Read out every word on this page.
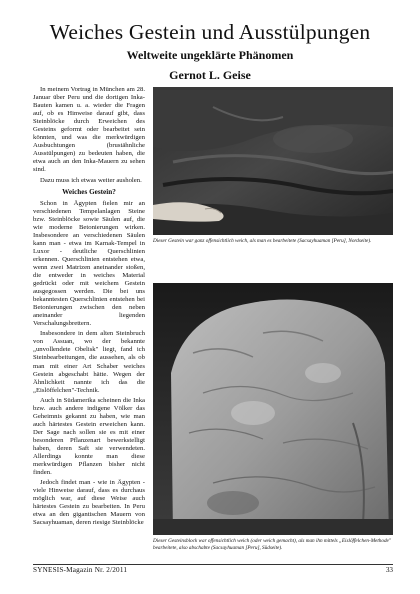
Weiches Gestein und Ausstülpungen
Weltweite ungeklärte Phänomen
Gernot L. Geise

In meinem Vortrag in München am 28. Januar über Peru und die dortigen Inka-Bauten kamen u. a. wieder die Fragen auf, ob es Hinweise darauf gibt, dass Steinblöcke durch Erweichen des Gesteins geformt oder bearbeitet sein könnten, und was die merkwürdigen Ausbuchtungen (brustähnliche Ausstülpungen) zu bedeuten haben, die etwa auch an den Inka-Mauern zu sehen sind.

Dazu muss ich etwas weiter ausholen.

Weiches Gestein?

Schon in Ägypten fielen mir an verschiedenen Tempelanlagen Steine bzw. Steinblöcke sowie Säulen auf, die wie moderne Betonierungen wirken. Insbesondere an verschiedenen Säulen kann man - etwa im Karnak-Tempel in Luxor - deutliche Querschlinien erkennen. Querschlinien entstehen etwa, wenn zwei Matrizen aneinander stoßen, die entweder in weiches Material gedrückt oder mit weichem Gestein ausgegossen werden. Die bei uns bekanntesten Querschlinien entstehen bei Betonierungen zwischen den neben aneinander liegenden Verschalungsbrettern.

Insbesondere in dem alten Steinbruch von Assuan, wo der bekannte „unvollendete Obelisk" liegt, fand ich Steinbearbeitungen, die aussehen, als ob man mit einer Art Schaber weiches Gestein abgeschabt hätte. Wegen der Ähnlichkeit nannte ich das die „Eislöffelchen"-Technik.

Auch in Südamerika scheinen die Inka bzw. auch andere indigene Völker das Geheimnis gekannt zu haben, wie man auch härtestes Gestein erweichen kann. Der Sage nach sollen sie es mit einer besonderen Pflanzenart bewerkstelligt haben, deren Saft sie verwendeten. Allerdings konnte man diese merkwürdigen Pflanzen bisher nicht finden.

Jedoch findet man - wie in Ägypten - viele Hinweise darauf, dass es durchaus möglich war, auf diese Weise auch härtestes Gestein zu bearbeiten. In Peru etwa an den gigantischen Mauern von Sacsayhuaman, deren riesige Steinblöcke

Dieser Gestein war ganz offensichtlich weich, als man es bearbeitete (Sacsayhuaman [Peru], Nordseite).
Dieser Gesteinsblock war offensichtlich weich (oder weich gemacht), als man ihn mittels „Eislöffelchen-Methode" bearbeitete, also abschabte (Sacsayhuaman [Peru], Südseite).
SYNESIS-Magazin Nr. 2/2011	33
